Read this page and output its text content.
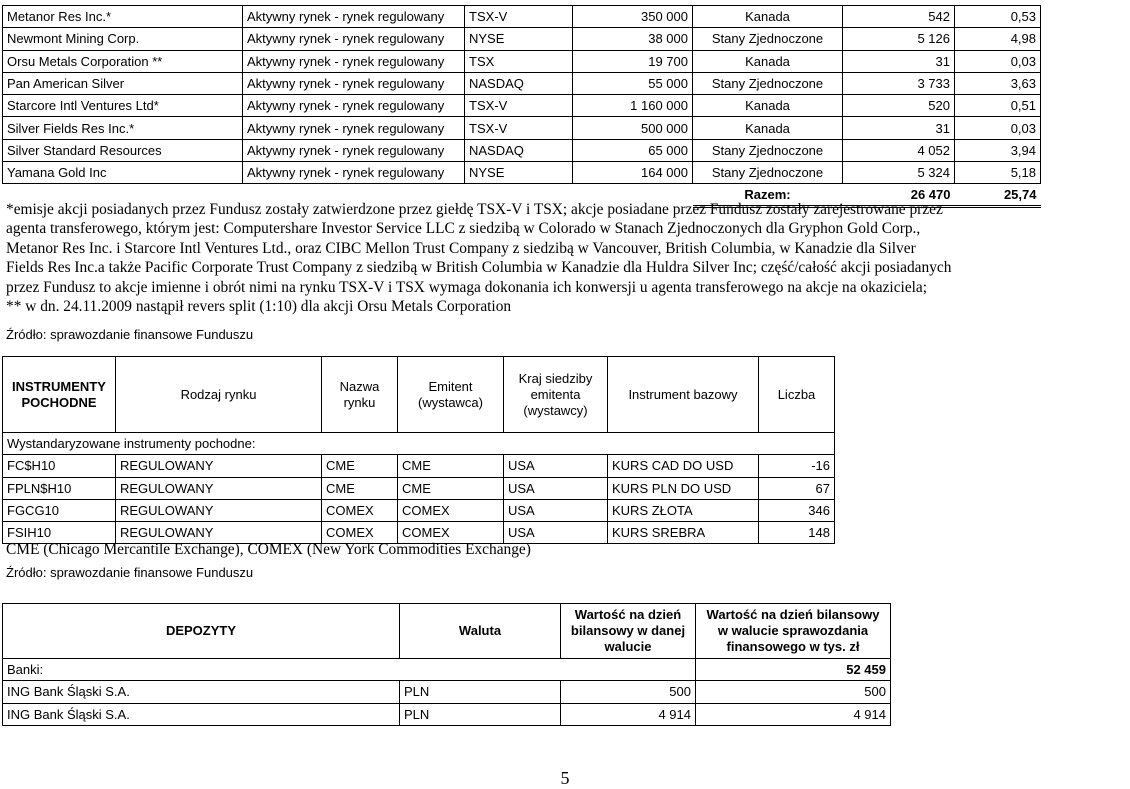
Metanor Res Inc.*	Aktywny rynek - rynek regulowany	TSX-V	350 000	Kanada	542	0,53
Newmont Mining Corp.	Aktywny rynek - rynek regulowany	NYSE	38 000	Stany Zjednoczone	5 126	4,98
Orsu Metals Corporation **	Aktywny rynek - rynek regulowany	TSX	19 700	Kanada	31	0,03
Pan American Silver	Aktywny rynek - rynek regulowany	NASDAQ	55 000	Stany Zjednoczone	3 733	3,63
Starcore Intl Ventures Ltd*	Aktywny rynek - rynek regulowany	TSX-V	1 160 000	Kanada	520	0,51
Silver Fields Res Inc.*	Aktywny rynek - rynek regulowany	TSX-V	500 000	Kanada	31	0,03
Silver Standard Resources	Aktywny rynek - rynek regulowany	NASDAQ	65 000	Stany Zjednoczone	4 052	3,94
Yamana Gold Inc	Aktywny rynek - rynek regulowany	NYSE	164 000	Stany Zjednoczone	5 324	5,18
				Razem:	26 470	25,74
*emisje akcji posiadanych przez Fundusz zostały zatwierdzone przez giełdę TSX-V i TSX; akcje posiadane przez Fundusz zostały zarejestrowane przez agenta transferowego, którym jest: Computershare Investor Service LLC z siedzibą w Colorado w Stanach Zjednoczonych dla Gryphon Gold Corp., Metanor Res Inc. i Starcore Intl Ventures Ltd., oraz CIBC Mellon Trust Company z siedzibą w Vancouver, British Columbia, w Kanadzie dla Silver Fields Res Inc.a także Pacific Corporate Trust Company z siedzibą w British Columbia w Kanadzie dla Huldra Silver Inc; część/całość akcji posiadanych przez Fundusz to akcje imienne i obrót nimi na rynku TSX-V i TSX wymaga dokonania ich konwersji u agenta transferowego na akcje na okaziciela;
** w dn. 24.11.2009 nastąpił revers split (1:10) dla akcji Orsu Metals Corporation
Źródło: sprawozdanie finansowe Funduszu
INSTRUMENTY POCHODNE	Rodzaj rynku	Nazwa rynku	Emitent (wystawca)	Kraj siedziby emitenta (wystawcy)	Instrument bazowy	Liczba
Wystandaryzowane instrumenty pochodne:						
FC$H10	REGULOWANY	CME	CME	USA	KURS CAD DO USD	-16
FPLN$H10	REGULOWANY	CME	CME	USA	KURS PLN DO USD	67
FGCG10	REGULOWANY	COMEX	COMEX	USA	KURS ZŁOTA	346
FSIH10	REGULOWANY	COMEX	COMEX	USA	KURS SREBRA	148
CME (Chicago Mercantile Exchange), COMEX (New York Commodities Exchange)
Źródło: sprawozdanie finansowe Funduszu
DEPOZYTY	Waluta	Wartość na dzień bilansowy w danej walucie	Wartość na dzień bilansowy w walucie sprawozdania finansowego w tys. zł
Banki:			52 459
ING Bank Śląski S.A.	PLN	500	500
ING Bank Śląski S.A.	PLN	4 914	4 914
5
